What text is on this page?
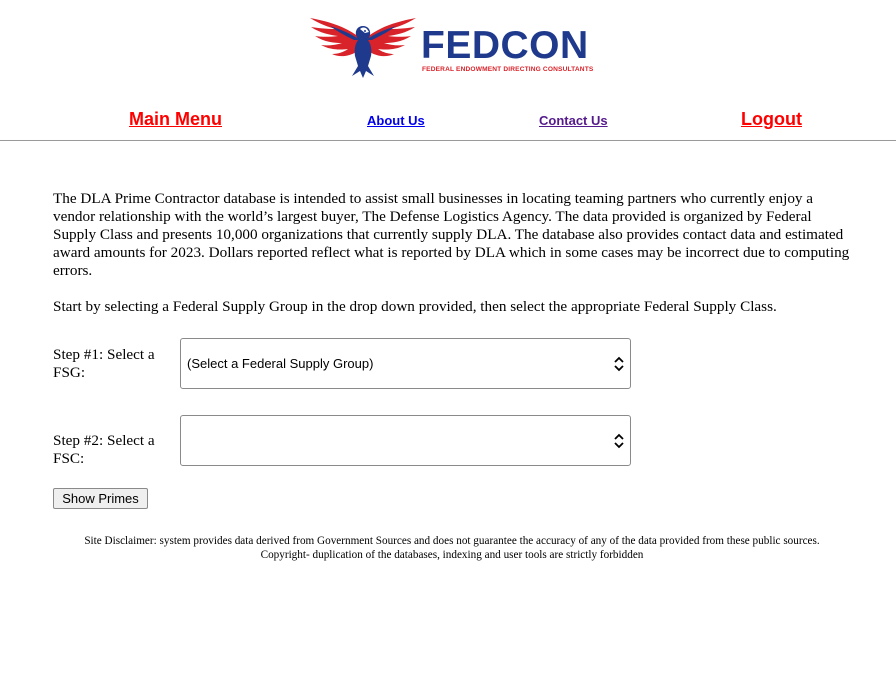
FEDCON
FEDERAL ENDOWMENT DIRECTING CONSULTANTS
Main Menu	About Us	Contact Us	Logout

The DLA Prime Contractor database is intended to assist small businesses in locating teaming partners who currently enjoy a vendor relationship with the world’s largest buyer, The Defense Logistics Agency. The data provided is organized by Federal Supply Class and presents 10,000 organizations that currently supply DLA. The database also provides contact data and estimated award amounts for 2023. Dollars reported reflect what is reported by DLA which in some cases may be incorrect due to computing errors.

Start by selecting a Federal Supply Group in the drop down provided, then select the appropriate Federal Supply Class.

Step #1: Select a FSG:
(Select a Federal Supply Group)
Step #2: Select a FSC:
Show Primes
Site Disclaimer: system provides data derived from Government Sources and does not guarantee the accuracy of any of the data provided from these public sources.
Copyright- duplication of the databases, indexing and user tools are strictly forbidden
